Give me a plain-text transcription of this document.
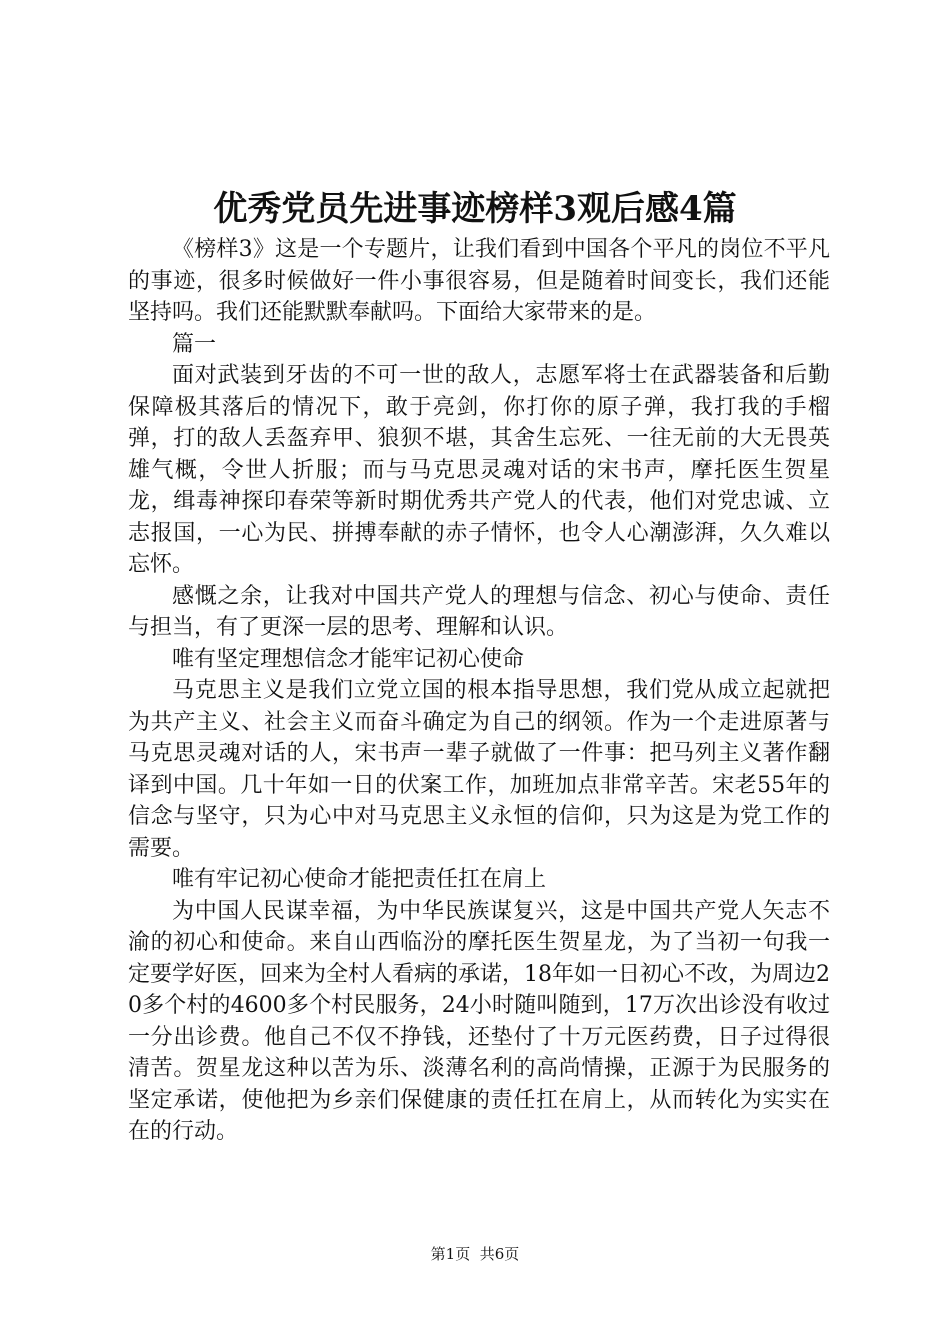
优秀党员先进事迹榜样3观后感4篇

《榜样3》这是一个专题片，让我们看到中国各个平凡的岗位不平凡的事迹，很多时候做好一件小事很容易，但是随着时间变长，我们还能坚持吗。我们还能默默奉献吗。下面给大家带来的是。

篇一

面对武装到牙齿的不可一世的敌人，志愿军将士在武器装备和后勤保障极其落后的情况下，敢于亮剑，你打你的原子弹，我打我的手榴弹，打的敌人丢盔弃甲、狼狈不堪，其舍生忘死、一往无前的大无畏英雄气概，令世人折服；而与马克思灵魂对话的宋书声，摩托医生贺星龙，缉毒神探印春荣等新时期优秀共产党人的代表，他们对党忠诚、立志报国，一心为民、拼搏奉献的赤子情怀，也令人心潮澎湃，久久难以忘怀。

感慨之余，让我对中国共产党人的理想与信念、初心与使命、责任与担当，有了更深一层的思考、理解和认识。

唯有坚定理想信念才能牢记初心使命

马克思主义是我们立党立国的根本指导思想，我们党从成立起就把为共产主义、社会主义而奋斗确定为自己的纲领。作为一个走进原著与马克思灵魂对话的人，宋书声一辈子就做了一件事：把马列主义著作翻译到中国。几十年如一日的伏案工作，加班加点非常辛苦。宋老55年的信念与坚守，只为心中对马克思主义永恒的信仰，只为这是为党工作的需要。

唯有牢记初心使命才能把责任扛在肩上

为中国人民谋幸福，为中华民族谋复兴，这是中国共产党人矢志不渝的初心和使命。来自山西临汾的摩托医生贺星龙，为了当初一句我一定要学好医，回来为全村人看病的承诺，18年如一日初心不改，为周边20多个村的4600多个村民服务，24小时随叫随到，17万次出诊没有收过一分出诊费。他自己不仅不挣钱，还垫付了十万元医药费，日子过得很清苦。贺星龙这种以苦为乐、淡薄名利的高尚情操，正源于为民服务的坚定承诺，使他把为乡亲们保健康的责任扛在肩上，从而转化为实实在在的行动。

第1页 共6页
